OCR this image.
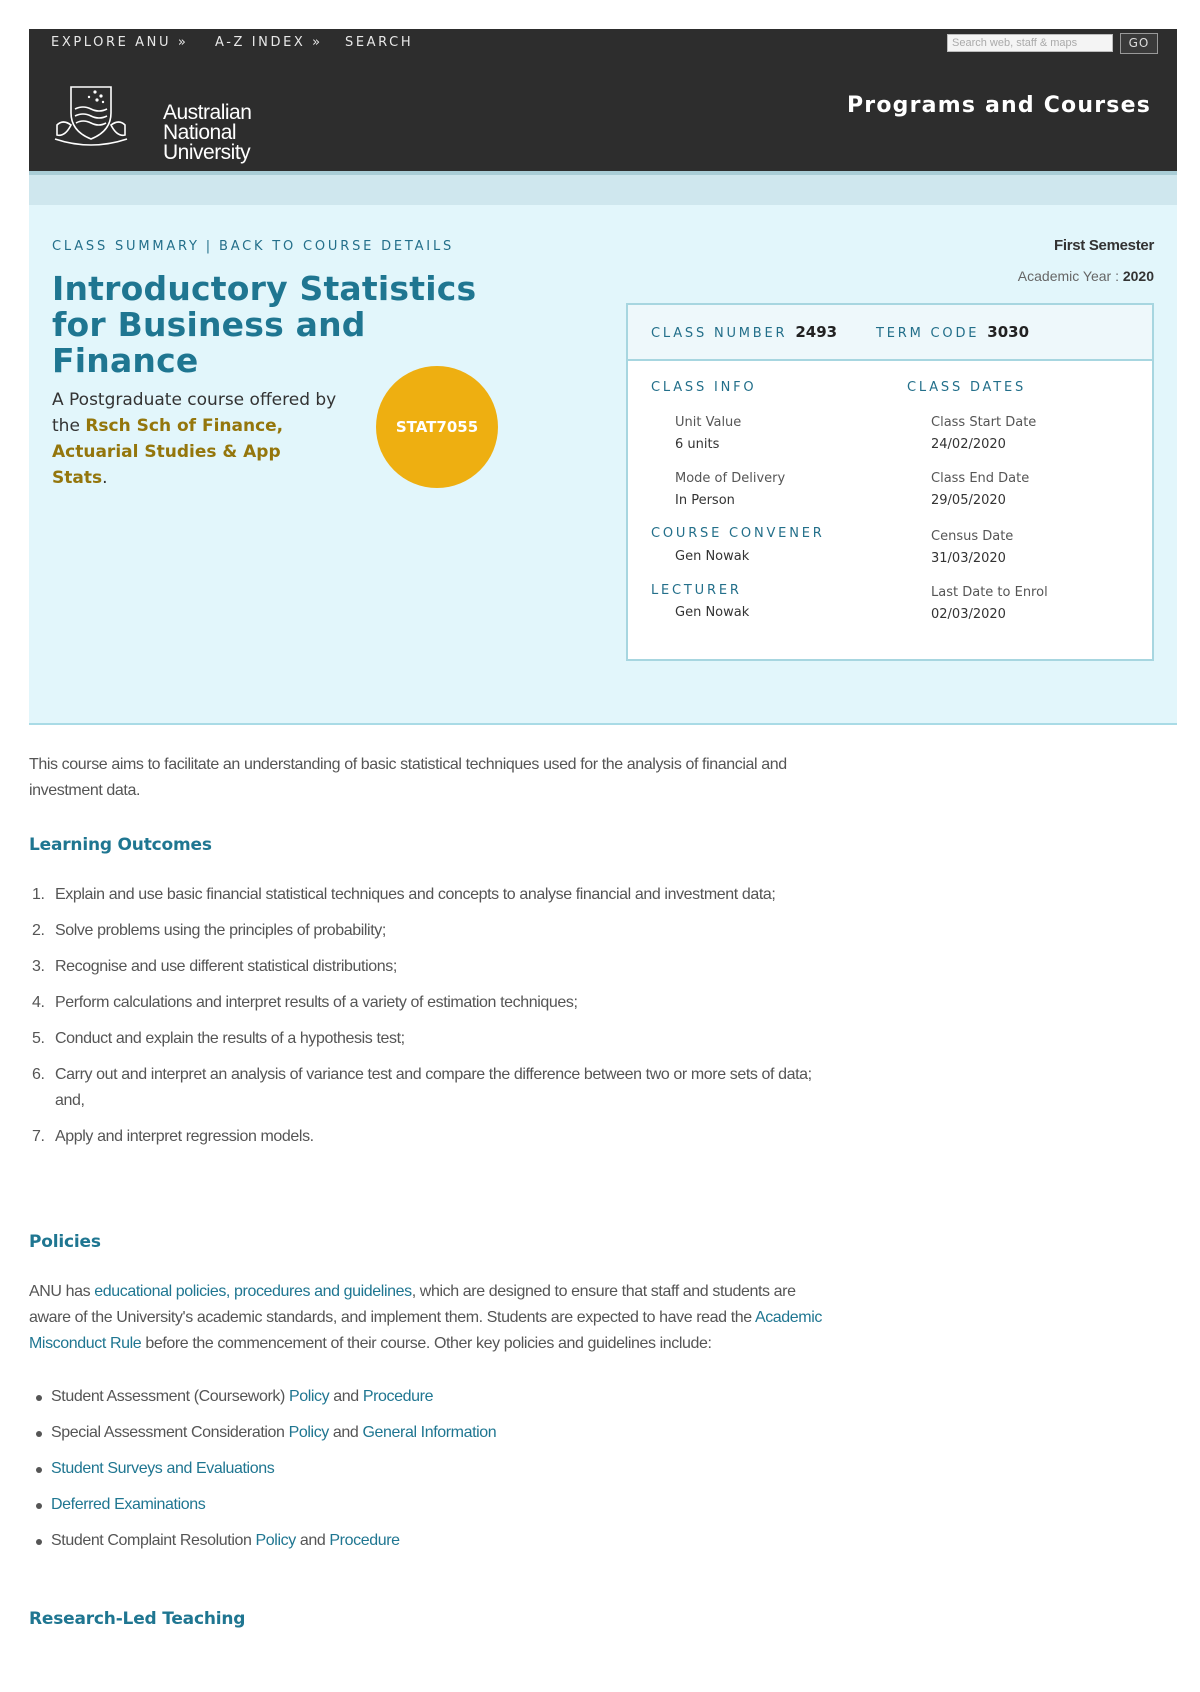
EXPLORE ANU » A-Z INDEX » SEARCH
Search web, staff & maps	GO
Australian
National
University
Programs and Courses
CLASS SUMMARY | BACK TO COURSE DETAILS
Introductory Statistics for Business and Finance

A Postgraduate course offered by the Rsch Sch of Finance, Actuarial Studies & App Stats.

STAT7055
First Semester
Academic Year : 2020
CLASS NUMBER 2493	TERM CODE 3030
CLASS INFO
Unit Value
6 units
Mode of Delivery
In Person
COURSE CONVENER
Gen Nowak
LECTURER
Gen Nowak
CLASS DATES
Class Start Date
24/02/2020
Class End Date
29/05/2020
Census Date
31/03/2020
Last Date to Enrol
02/03/2020

This course aims to facilitate an understanding of basic statistical techniques used for the analysis of financial and investment data.

Learning Outcomes
1. Explain and use basic financial statistical techniques and concepts to analyse financial and investment data;
2. Solve problems using the principles of probability;
3. Recognise and use different statistical distributions;
4. Perform calculations and interpret results of a variety of estimation techniques;
5. Conduct and explain the results of a hypothesis test;
6. Carry out and interpret an analysis of variance test and compare the difference between two or more sets of data; and,
7. Apply and interpret regression models.
Policies

ANU has educational policies, procedures and guidelines, which are designed to ensure that staff and students are aware of the University's academic standards, and implement them. Students are expected to have read the Academic Misconduct Rule before the commencement of their course. Other key policies and guidelines include:

Student Assessment (Coursework) Policy and Procedure
Special Assessment Consideration Policy and General Information
Student Surveys and Evaluations
Deferred Examinations
Student Complaint Resolution Policy and Procedure
Research-Led Teaching
